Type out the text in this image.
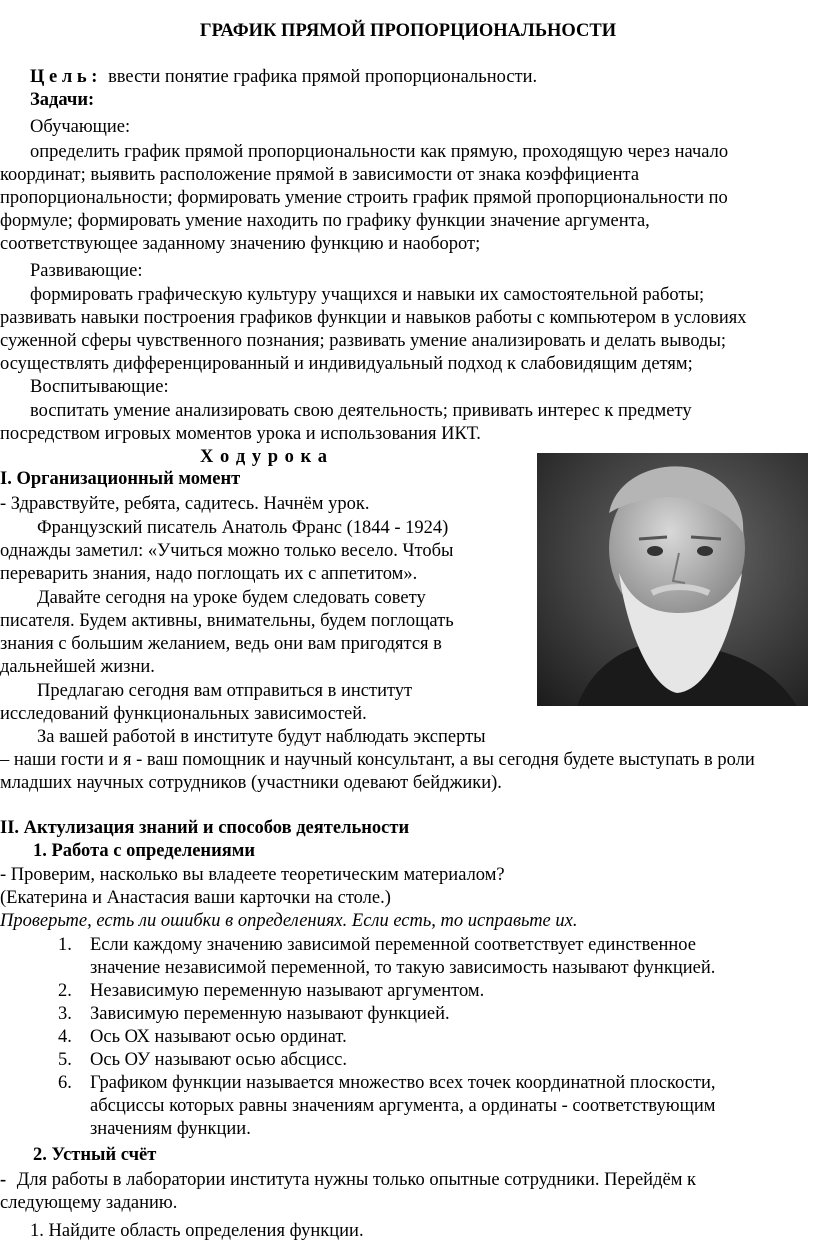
ГРАФИК ПРЯМОЙ ПРОПОРЦИОНАЛЬНОСТИ
Ц е л ь : ввести понятие графика прямой пропорциональности.
Задачи:
Обучающие:
определить график прямой пропорциональности как прямую, проходящую через начало
координат; выявить расположение прямой в зависимости от знака коэффициента
пропорциональности; формировать умение строить график прямой пропорциональности по
формуле; формировать умение находить по графику функции значение аргумента,
соответствующее заданному значению функцию и наоборот;
Развивающие:
формировать графическую культуру учащихся и навыки их самостоятельной работы;
развивать навыки построения графиков функции и навыков работы с компьютером в условиях
суженной сферы чувственного познания; развивать умение анализировать и делать выводы;
осуществлять дифференцированный и индивидуальный подход к слабовидящим детям;
Воспитывающие:
воспитать умение анализировать свою деятельность; прививать интерес к предмету
посредством игровых моментов урока и использования ИКТ.
Х о д у р о к а
I. Организационный момент
- Здравствуйте, ребята, садитесь. Начнём урок.
Французский писатель Анатоль Франс (1844 - 1924)
однажды заметил: «Учиться можно только весело. Чтобы
переварить знания, надо поглощать их с аппетитом».
Давайте сегодня на уроке будем следовать совету
писателя. Будем активны, внимательны, будем поглощать
знания с большим желанием, ведь они вам пригодятся в
дальнейшей жизни.
Предлагаю сегодня вам отправиться в институт
исследований функциональных зависимостей.
За вашей работой в институте будут наблюдать эксперты
– наши гости и я - ваш помощник и научный консультант, а вы сегодня будете выступать в роли
младших научных сотрудников (участники одевают бейджики).
II. Актулизация знаний и способов деятельности
1. Работа с определениями
- Проверим, насколько вы владеете теоретическим материалом?
(Екатерина и Анастасия ваши карточки на столе.)
Проверьте, есть ли ошибки в определениях. Если есть, то исправьте их.
1. Если каждому значению зависимой переменной соответствует единственное
значение независимой переменной, то такую зависимость называют функцией.
2. Независимую переменную называют аргументом.
3. Зависимую переменную называют функцией.
4. Ось ОХ называют осью ординат.
5. Ось ОУ называют осью абсцисс.
6. Графиком функции называется множество всех точек координатной плоскости,
абсциссы которых равны значениям аргумента, а ординаты - соответствующим
значениям функции.
2. Устный счёт
- Для работы в лаборатории института нужны только опытные сотрудники. Перейдём к
следующему заданию.
1. Найдите область определения функции.
